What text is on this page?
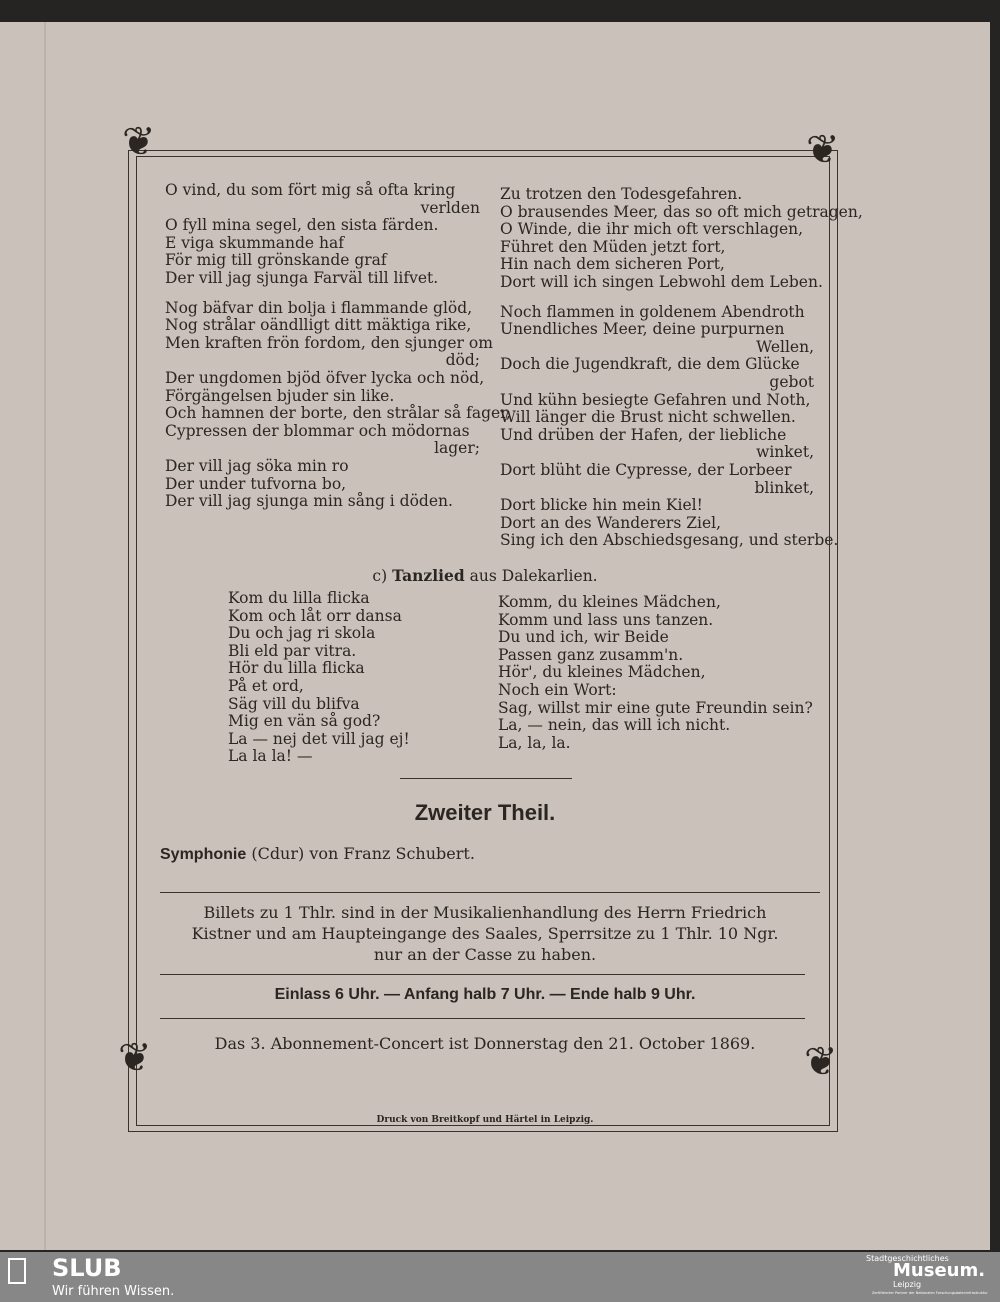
❦	❦
❦	❦
O vind, du som fört mig så ofta kring
verlden
O fyll mina segel, den sista färden.
E viga skummande haf
För mig till grönskande graf
Der vill jag sjunga Farväl till lifvet.
Nog bäfvar din bolja i flammande glöd,
Nog strålar oändlligt ditt mäktiga rike,
Men kraften frön fordom, den sjunger om
död;
Der ungdomen bjöd öfver lycka och nöd,
Förgängelsen bjuder sin like.
Och hamnen der borte, den strålar så fager,
Cypressen der blommar och mödornas
lager;
Der vill jag söka min ro
Der under tufvorna bo,
Der vill jag sjunga min sång i döden.
Zu trotzen den Todesgefahren.
O brausendes Meer, das so oft mich getragen,
O Winde, die ihr mich oft verschlagen,
Führet den Müden jetzt fort,
Hin nach dem sicheren Port,
Dort will ich singen Lebwohl dem Leben.
Noch flammen in goldenem Abendroth
Unendliches Meer, deine purpurnen
Wellen,
Doch die Jugendkraft, die dem Glücke
gebot
Und kühn besiegte Gefahren und Noth,
Will länger die Brust nicht schwellen.
Und drüben der Hafen, der liebliche
winket,
Dort blüht die Cypresse, der Lorbeer
blinket,
Dort blicke hin mein Kiel!
Dort an des Wanderers Ziel,
Sing ich den Abschiedsgesang, und sterbe.
c) Tanzlied aus Dalekarlien.
Kom du lilla flicka
Kom och låt orr dansa
Du och jag ri skola
Bli eld par vitra.
Hör du lilla flicka
På et ord,
Säg vill du blifva
Mig en vän så god?
La — nej det vill jag ej!
La la la! —
Komm, du kleines Mädchen,
Komm und lass uns tanzen.
Du und ich, wir Beide
Passen ganz zusamm'n.
Hör', du kleines Mädchen,
Noch ein Wort:
Sag, willst mir eine gute Freundin sein?
La, — nein, das will ich nicht.
La, la, la.
Zweiter Theil.
Symphonie (Cdur) von Franz Schubert.
Billets zu 1 Thlr. sind in der Musikalienhandlung des Herrn Friedrich
Kistner und am Haupteingange des Saales, Sperrsitze zu 1 Thlr. 10 Ngr.
nur an der Casse zu haben.
Einlass 6 Uhr. — Anfang halb 7 Uhr. — Ende halb 9 Uhr.
Das 3. Abonnement-Concert ist Donnerstag den 21. October 1869.
Druck von Breitkopf und Härtel in Leipzig.
SLUB
Wir führen Wissen.
Stadtgeschichtliches
Museum.
Leipzig
Zertifizierter Partner der Nationalen Forschungsdateninfrastruktur
